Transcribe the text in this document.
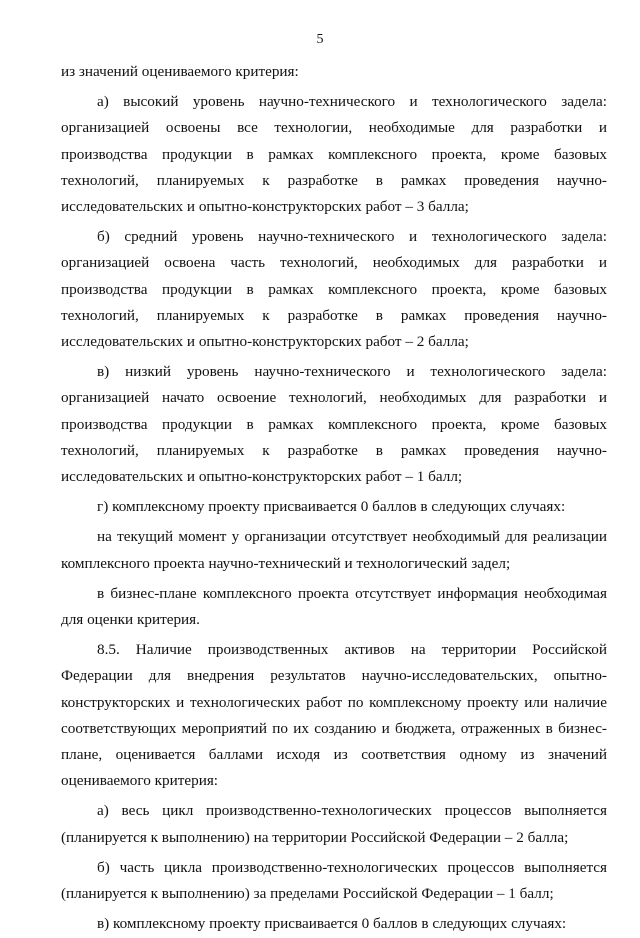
5

из значений оцениваемого критерия:

а) высокий уровень научно-технического и технологического задела: организацией освоены все технологии, необходимые для разработки и производства продукции в рамках комплексного проекта, кроме базовых технологий, планируемых к разработке в рамках проведения научно-исследовательских и опытно-конструкторских работ – 3 балла;

б) средний уровень научно-технического и технологического задела: организацией освоена часть технологий, необходимых для разработки и производства продукции в рамках комплексного проекта, кроме базовых технологий, планируемых к разработке в рамках проведения научно-исследовательских и опытно-конструкторских работ – 2 балла;

в) низкий уровень научно-технического и технологического задела: организацией начато освоение технологий, необходимых для разработки и производства продукции в рамках комплексного проекта, кроме базовых технологий, планируемых к разработке в рамках проведения научно-исследовательских и опытно-конструкторских работ – 1 балл;

г) комплексному проекту присваивается 0 баллов в следующих случаях:

на текущий момент у организации отсутствует необходимый для реализации комплексного проекта научно-технический и технологический задел;

в бизнес-плане комплексного проекта отсутствует информация необходимая для оценки критерия.

8.5. Наличие производственных активов на территории Российской Федерации для внедрения результатов научно-исследовательских, опытно-конструкторских и технологических работ по комплексному проекту или наличие соответствующих мероприятий по их созданию и бюджета, отраженных в бизнес-плане, оценивается баллами исходя из соответствия одному из значений оцениваемого критерия:

а) весь цикл производственно-технологических процессов выполняется (планируется к выполнению) на территории Российской Федерации – 2 балла;

б) часть цикла производственно-технологических процессов выполняется (планируется к выполнению) за пределами Российской Федерации – 1 балл;

в) комплексному проекту присваивается 0 баллов в следующих случаях:
